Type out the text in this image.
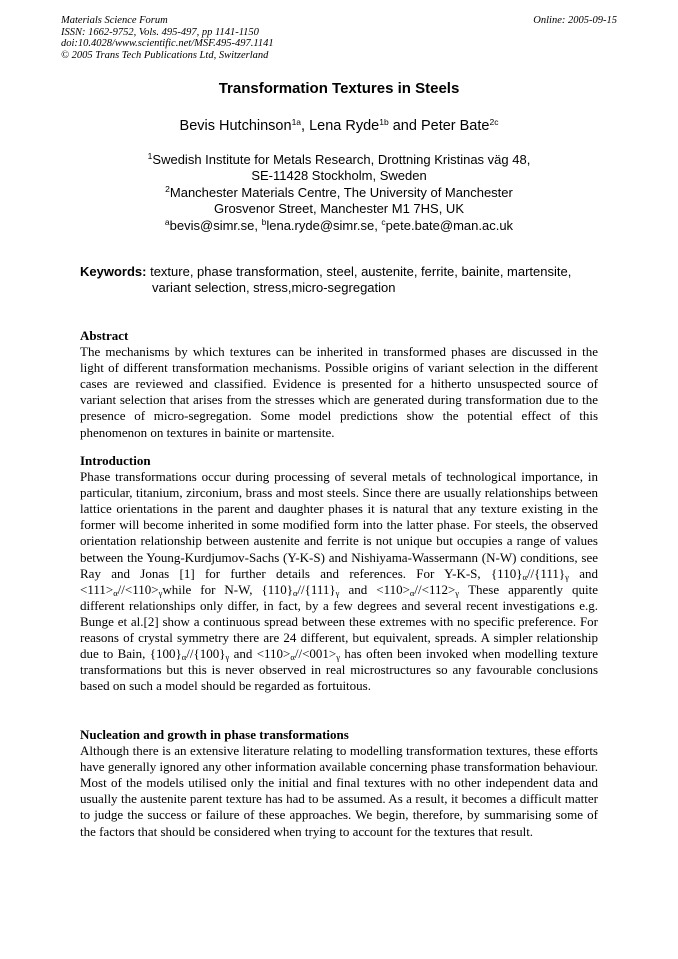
Materials Science Forum
ISSN: 1662-9752, Vols. 495-497, pp 1141-1150
doi:10.4028/www.scientific.net/MSF.495-497.1141
© 2005 Trans Tech Publications Ltd, Switzerland
Online: 2005-09-15
Transformation Textures in Steels
Bevis Hutchinson$^{1a}$, Lena Ryde$^{1b}$ and Peter Bate$^{2c}$
$^1$Swedish Institute for Metals Research, Drottning Kristinas väg 48,
SE-11428 Stockholm, Sweden
$^2$Manchester Materials Centre, The University of Manchester
Grosvenor Street, Manchester M1 7HS, UK
$^a$bevis@simr.se, $^b$lena.ryde@simr.se, $^c$pete.bate@man.ac.uk
Keywords: texture, phase transformation, steel, austenite, ferrite, bainite, martensite,
variant selection, stress,micro-segregation
Abstract
The mechanisms by which textures can be inherited in transformed phases are discussed in the light of different transformation mechanisms. Possible origins of variant selection in the different cases are reviewed and classified. Evidence is presented for a hitherto unsuspected source of variant selection that arises from the stresses which are generated during transformation due to the presence of micro-segregation. Some model predictions show the potential effect of this phenomenon on textures in bainite or martensite.
Introduction
Phase transformations occur during processing of several metals of technological importance, in particular, titanium, zirconium, brass and most steels. Since there are usually relationships between lattice orientations in the parent and daughter phases it is natural that any texture existing in the former will become inherited in some modified form into the latter phase. For steels, the observed orientation relationship between austenite and ferrite is not unique but occupies a range of values between the Young-Kurdjumov-Sachs (Y-K-S) and Nishiyama-Wassermann (N-W) conditions, see Ray and Jonas [1] for further details and references. For Y-K-S, $\{110\}_\alpha//\{111\}_\gamma$ and $<111>_\alpha//<110>_\gamma while$ for N-W, $\{110\}_\alpha//\{111\}_\gamma$ and $<110>_\alpha//<112>_\gamma$ These apparently quite different relationships only differ, in fact, by a few degrees and several recent investigations e.g. Bunge et al.[2] show a continuous spread between these extremes with no specific preference. For reasons of crystal symmetry there are 24 different, but equivalent, spreads. A simpler relationship due to Bain, $\{100\}_\alpha//\{100\}_\gamma$ and $<110>_\alpha//<001>_\gamma$ has often been invoked when modelling texture transformations but this is never observed in real microstructures so any favourable conclusions based on such a model should be regarded as fortuitous.
Nucleation and growth in phase transformations
Although there is an extensive literature relating to modelling transformation textures, these efforts have generally ignored any other information available concerning phase transformation behaviour. Most of the models utilised only the initial and final textures with no other independent data and usually the austenite parent texture has had to be assumed. As a result, it becomes a difficult matter to judge the success or failure of these approaches. We begin, therefore, by summarising some of the factors that should be considered when trying to account for the textures that result.
